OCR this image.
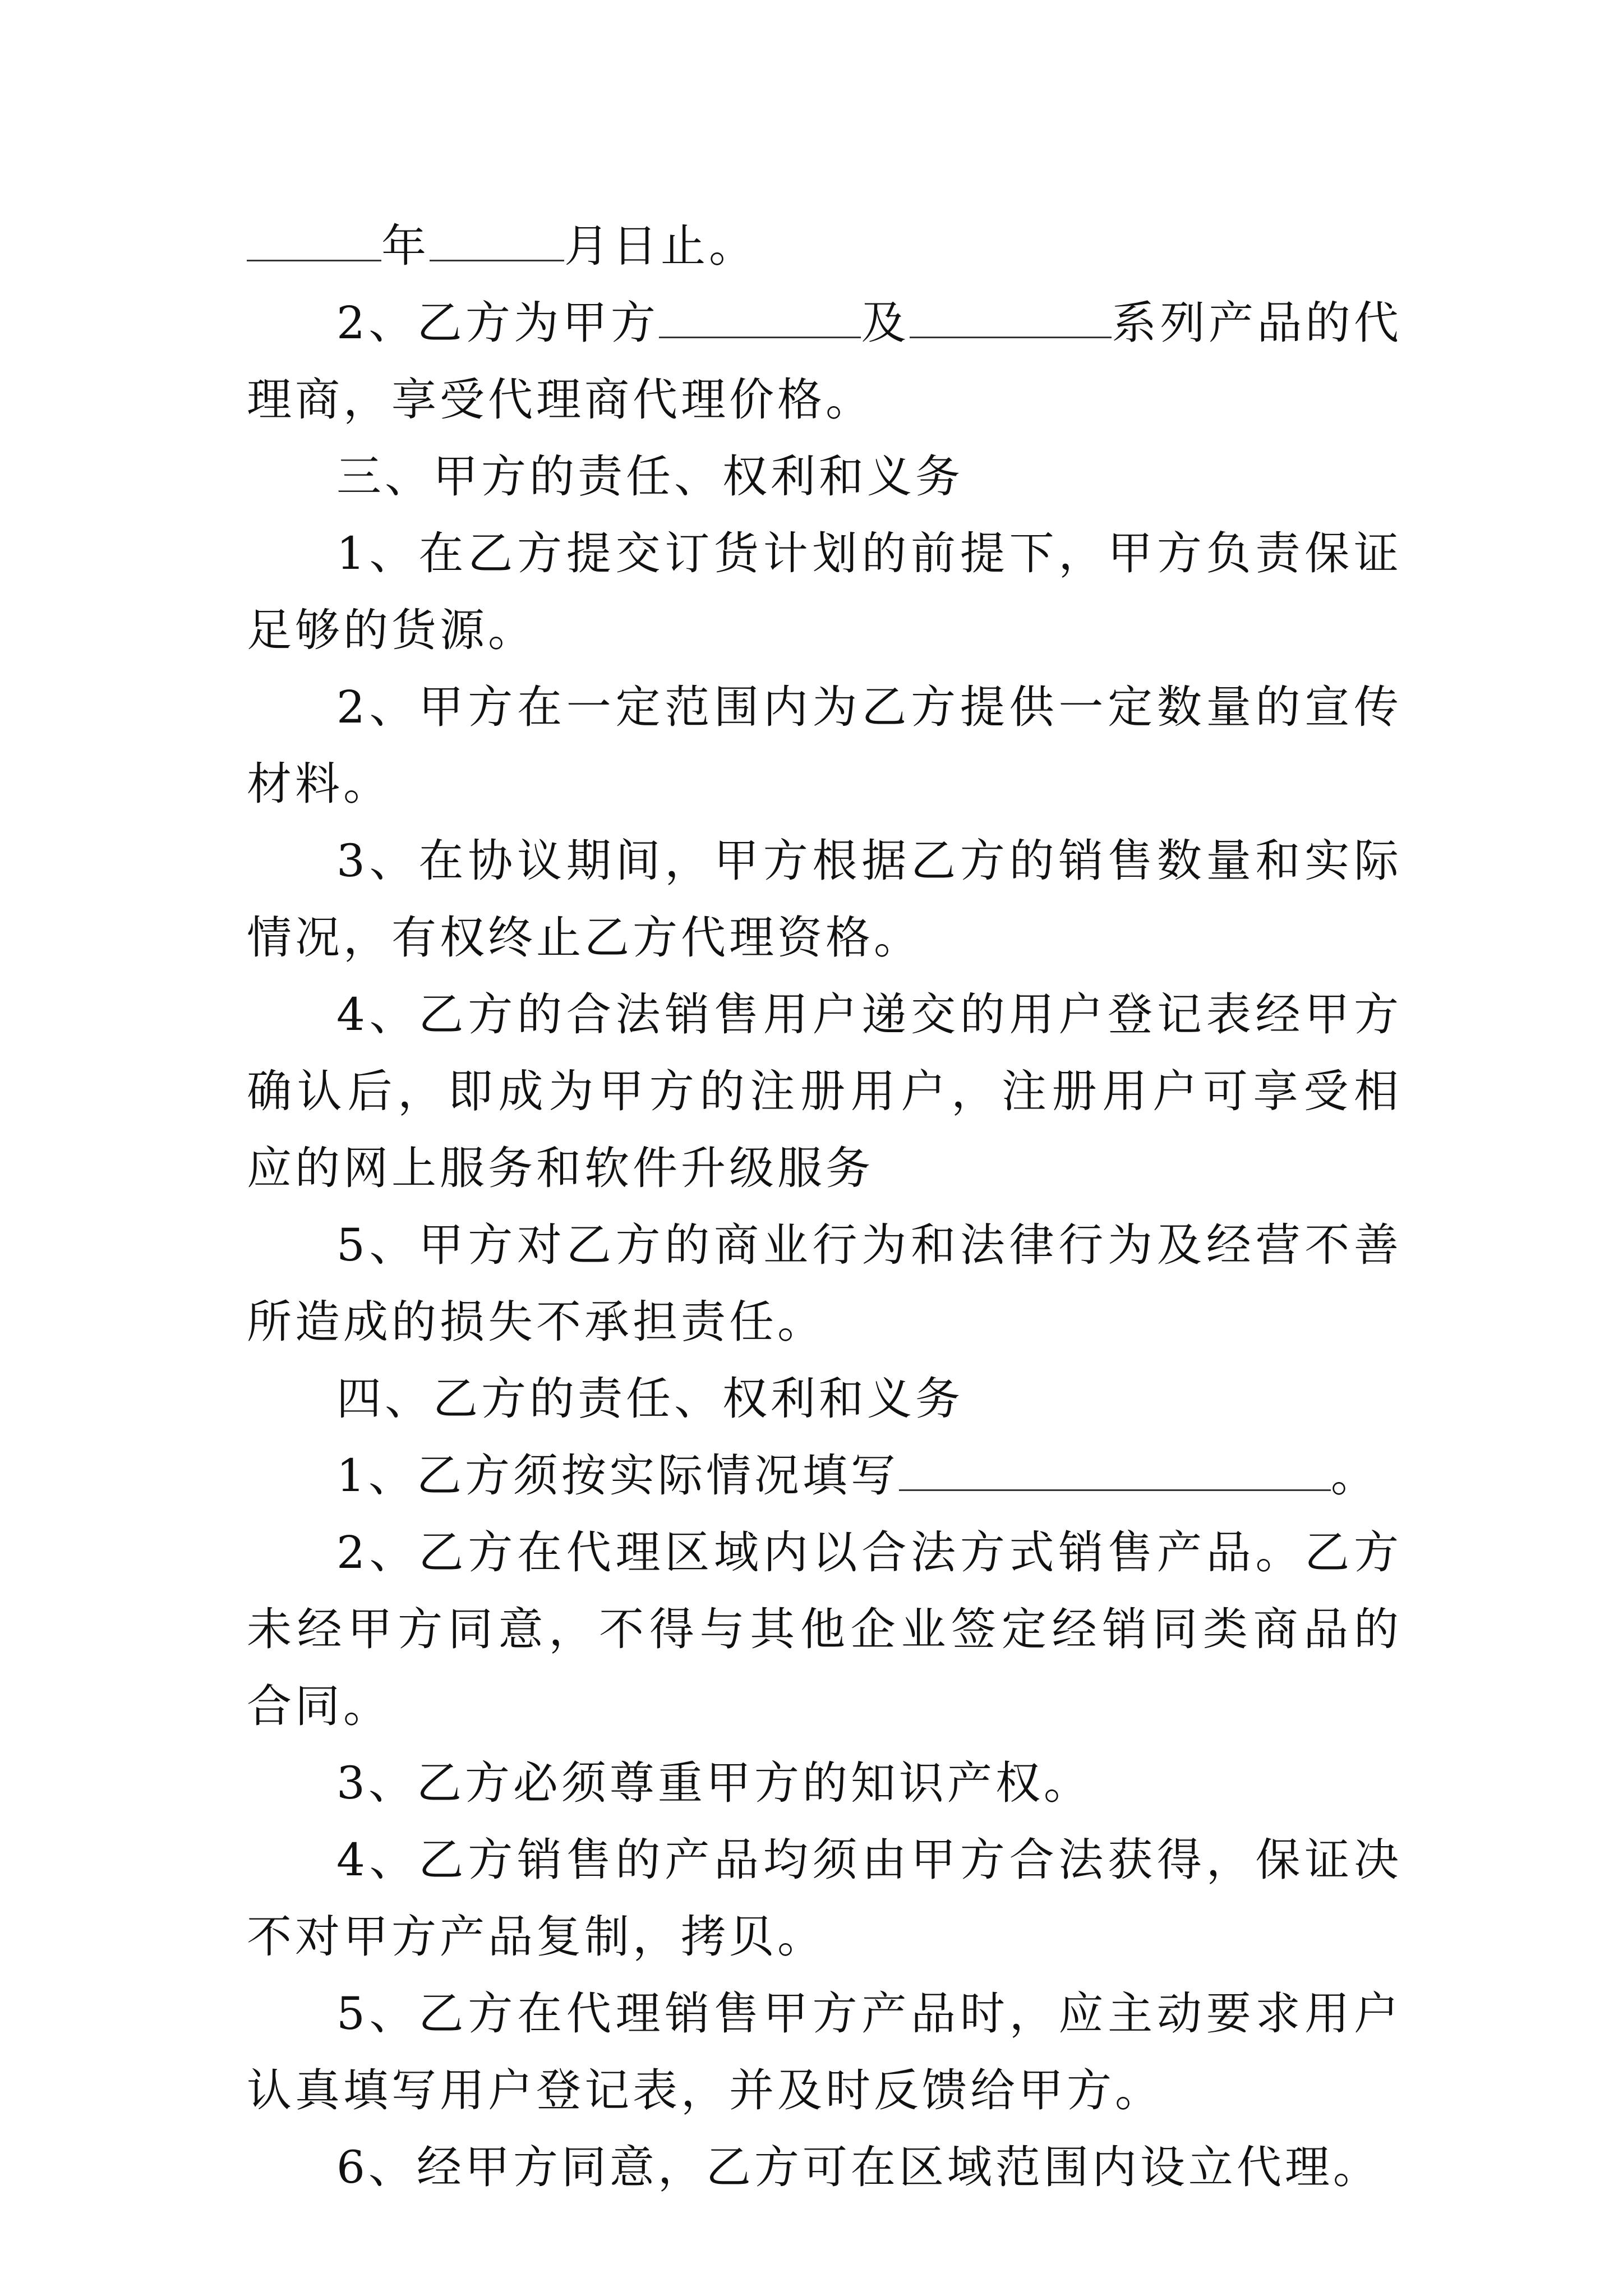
年	月日止。

2、乙方为甲方	及	系列产品的代理商，享受代理商代理价格。

三、甲方的责任、权利和义务

1、在乙方提交订货计划的前提下，甲方负责保证足够的货源。

2、甲方在一定范围内为乙方提供一定数量的宣传材料。

3、在协议期间，甲方根据乙方的销售数量和实际情况，有权终止乙方代理资格。

4、乙方的合法销售用户递交的用户登记表经甲方确认后，即成为甲方的注册用户，注册用户可享受相应的网上服务和软件升级服务

5、甲方对乙方的商业行为和法律行为及经营不善所造成的损失不承担责任。

四、乙方的责任、权利和义务

1、乙方须按实际情况填写	。

2、乙方在代理区域内以合法方式销售产品。乙方未经甲方同意，不得与其他企业签定经销同类商品的合同。

3、乙方必须尊重甲方的知识产权。

4、乙方销售的产品均须由甲方合法获得，保证决不对甲方产品复制，拷贝。

5、乙方在代理销售甲方产品时，应主动要求用户认真填写用户登记表，并及时反馈给甲方。

6、经甲方同意，乙方可在区域范围内设立代理。
